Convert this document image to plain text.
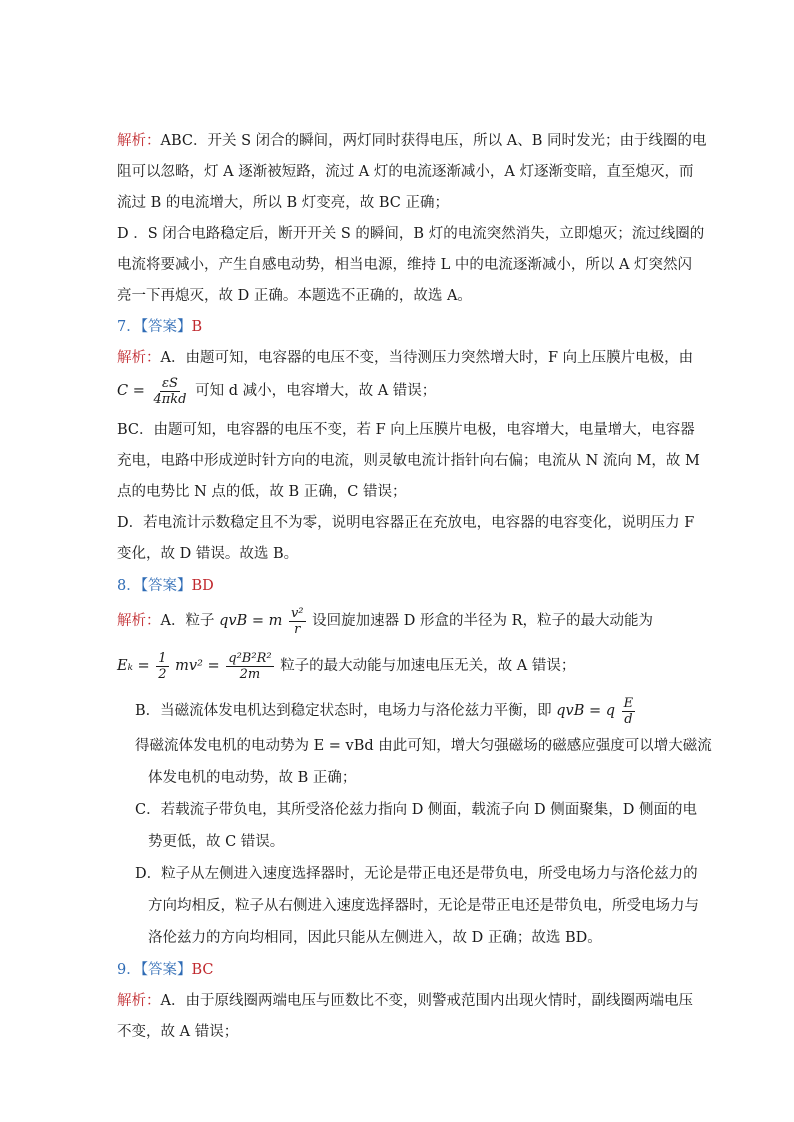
解析：ABC．开关 S 闭合的瞬间，两灯同时获得电压，所以 A、B 同时发光；由于线圈的电
阻可以忽略，灯 A 逐渐被短路，流过 A 灯的电流逐渐减小，A 灯逐渐变暗，直至熄灭，而
流过 B 的电流增大，所以 B 灯变亮，故 BC 正确；
D ．S 闭合电路稳定后，断开开关 S 的瞬间，B 灯的电流突然消失，立即熄灭；流过线圈的
电流将要减小，产生自感电动势，相当电源，维持 L 中的电流逐渐减小，所以 A 灯突然闪
亮一下再熄灭，故 D 正确。本题选不正确的，故选 A。
7．【答案】B
解析：A．由题可知，电容器的电压不变，当待测压力突然增大时，F 向上压膜片电极，由
$C = \frac{\varepsilon S}{\text{4πkd}}$ 可知 d 减小，电容增大，故 A 错误；
BC．由题可知，电容器的电压不变，若 F 向上压膜片电极，电容增大，电量增大，电容器
充电，电路中形成逆时针方向的电流，则灵敏电流计指针向右偏；电流从 N 流向 M，故 M
点的电势比 N 点的低，故 B 正确，C 错误；
D．若电流计示数稳定且不为零，说明电容器正在充放电，电容器的电容变化，说明压力 F
变化，故 D 错误。故选 B。
8．【答案】BD
解析：A．粒子 qvB = m $\frac{\text{v²}}{r}$ 设回旋加速器 D 形盒的半径为 R，粒子的最大动能为
$E_k = \frac{1}{2} mv^2 = \frac{\text{q²B²R²}}{2m}$ 粒子的最大动能与加速电压无关，故 A 错误；
B．当磁流体发电机达到稳定状态时，电场力与洛伦兹力平衡，即 qvB = q $\frac{E}{d}$
得磁流体发电机的电动势为 E = vBd 由此可知，增大匀强磁场的磁感应强度可以增大磁流
体发电机的电动势，故 B 正确；
C．若载流子带负电，其所受洛伦兹力指向 D 侧面，载流子向 D 侧面聚集，D 侧面的电
势更低，故 C 错误。
D．粒子从左侧进入速度选择器时，无论是带正电还是带负电，所受电场力与洛伦兹力的
方向均相反，粒子从右侧进入速度选择器时，无论是带正电还是带负电，所受电场力与
洛伦兹力的方向均相同，因此只能从左侧进入，故 D 正确；故选 BD。
9．【答案】BC
解析：A．由于原线圈两端电压与匝数比不变，则警戒范围内出现火情时，副线圈两端电压
不变，故 A 错误；
